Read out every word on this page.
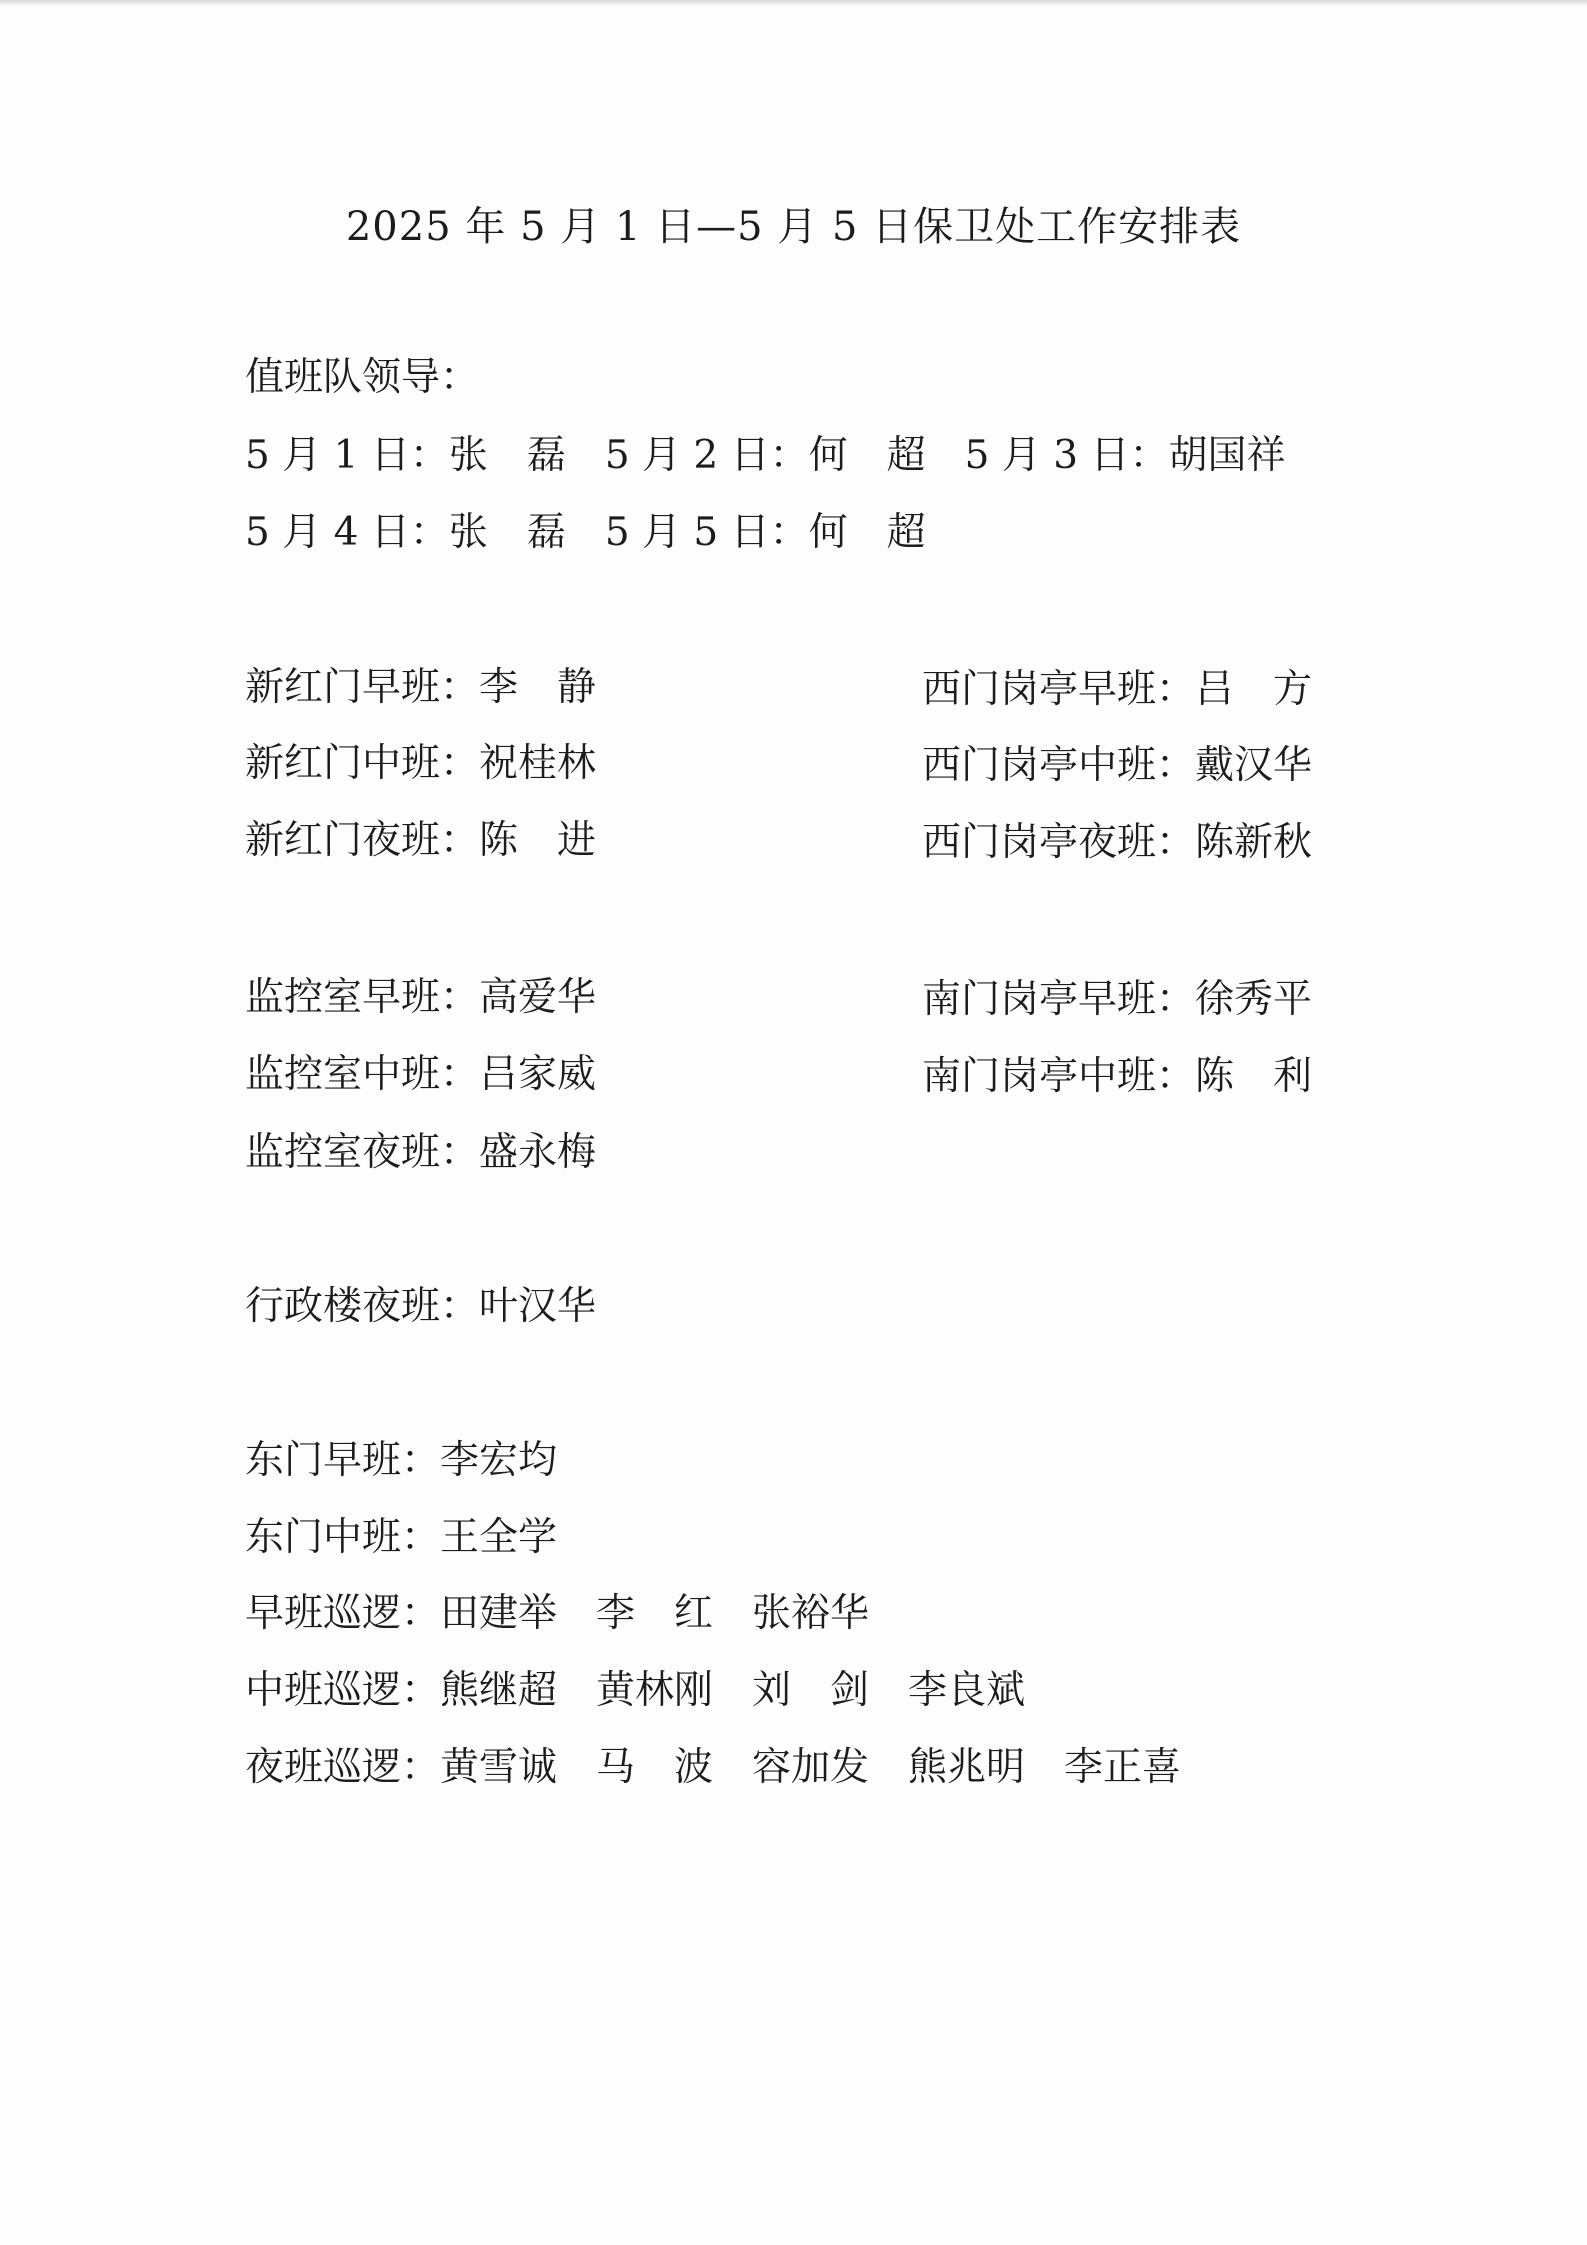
2025 年 5 月 1 日—5 月 5 日保卫处工作安排表
值班队领导：
5 月 1 日：张　磊　5 月 2 日：何　超　5 月 3 日：胡国祥
5 月 4 日：张　磊　5 月 5 日：何　超
新红门早班：李　静
新红门中班：祝桂林
新红门夜班：陈　进
西门岗亭早班：吕　方
西门岗亭中班：戴汉华
西门岗亭夜班：陈新秋
监控室早班：高爱华
监控室中班：吕家威
监控室夜班：盛永梅
南门岗亭早班：徐秀平
南门岗亭中班：陈　利
行政楼夜班：叶汉华
东门早班：李宏均
东门中班：王全学
早班巡逻：田建举　李　红　张裕华
中班巡逻：熊继超　黄林刚　刘　剑　李良斌
夜班巡逻：黄雪诚　马　波　容加发　熊兆明　李正喜
